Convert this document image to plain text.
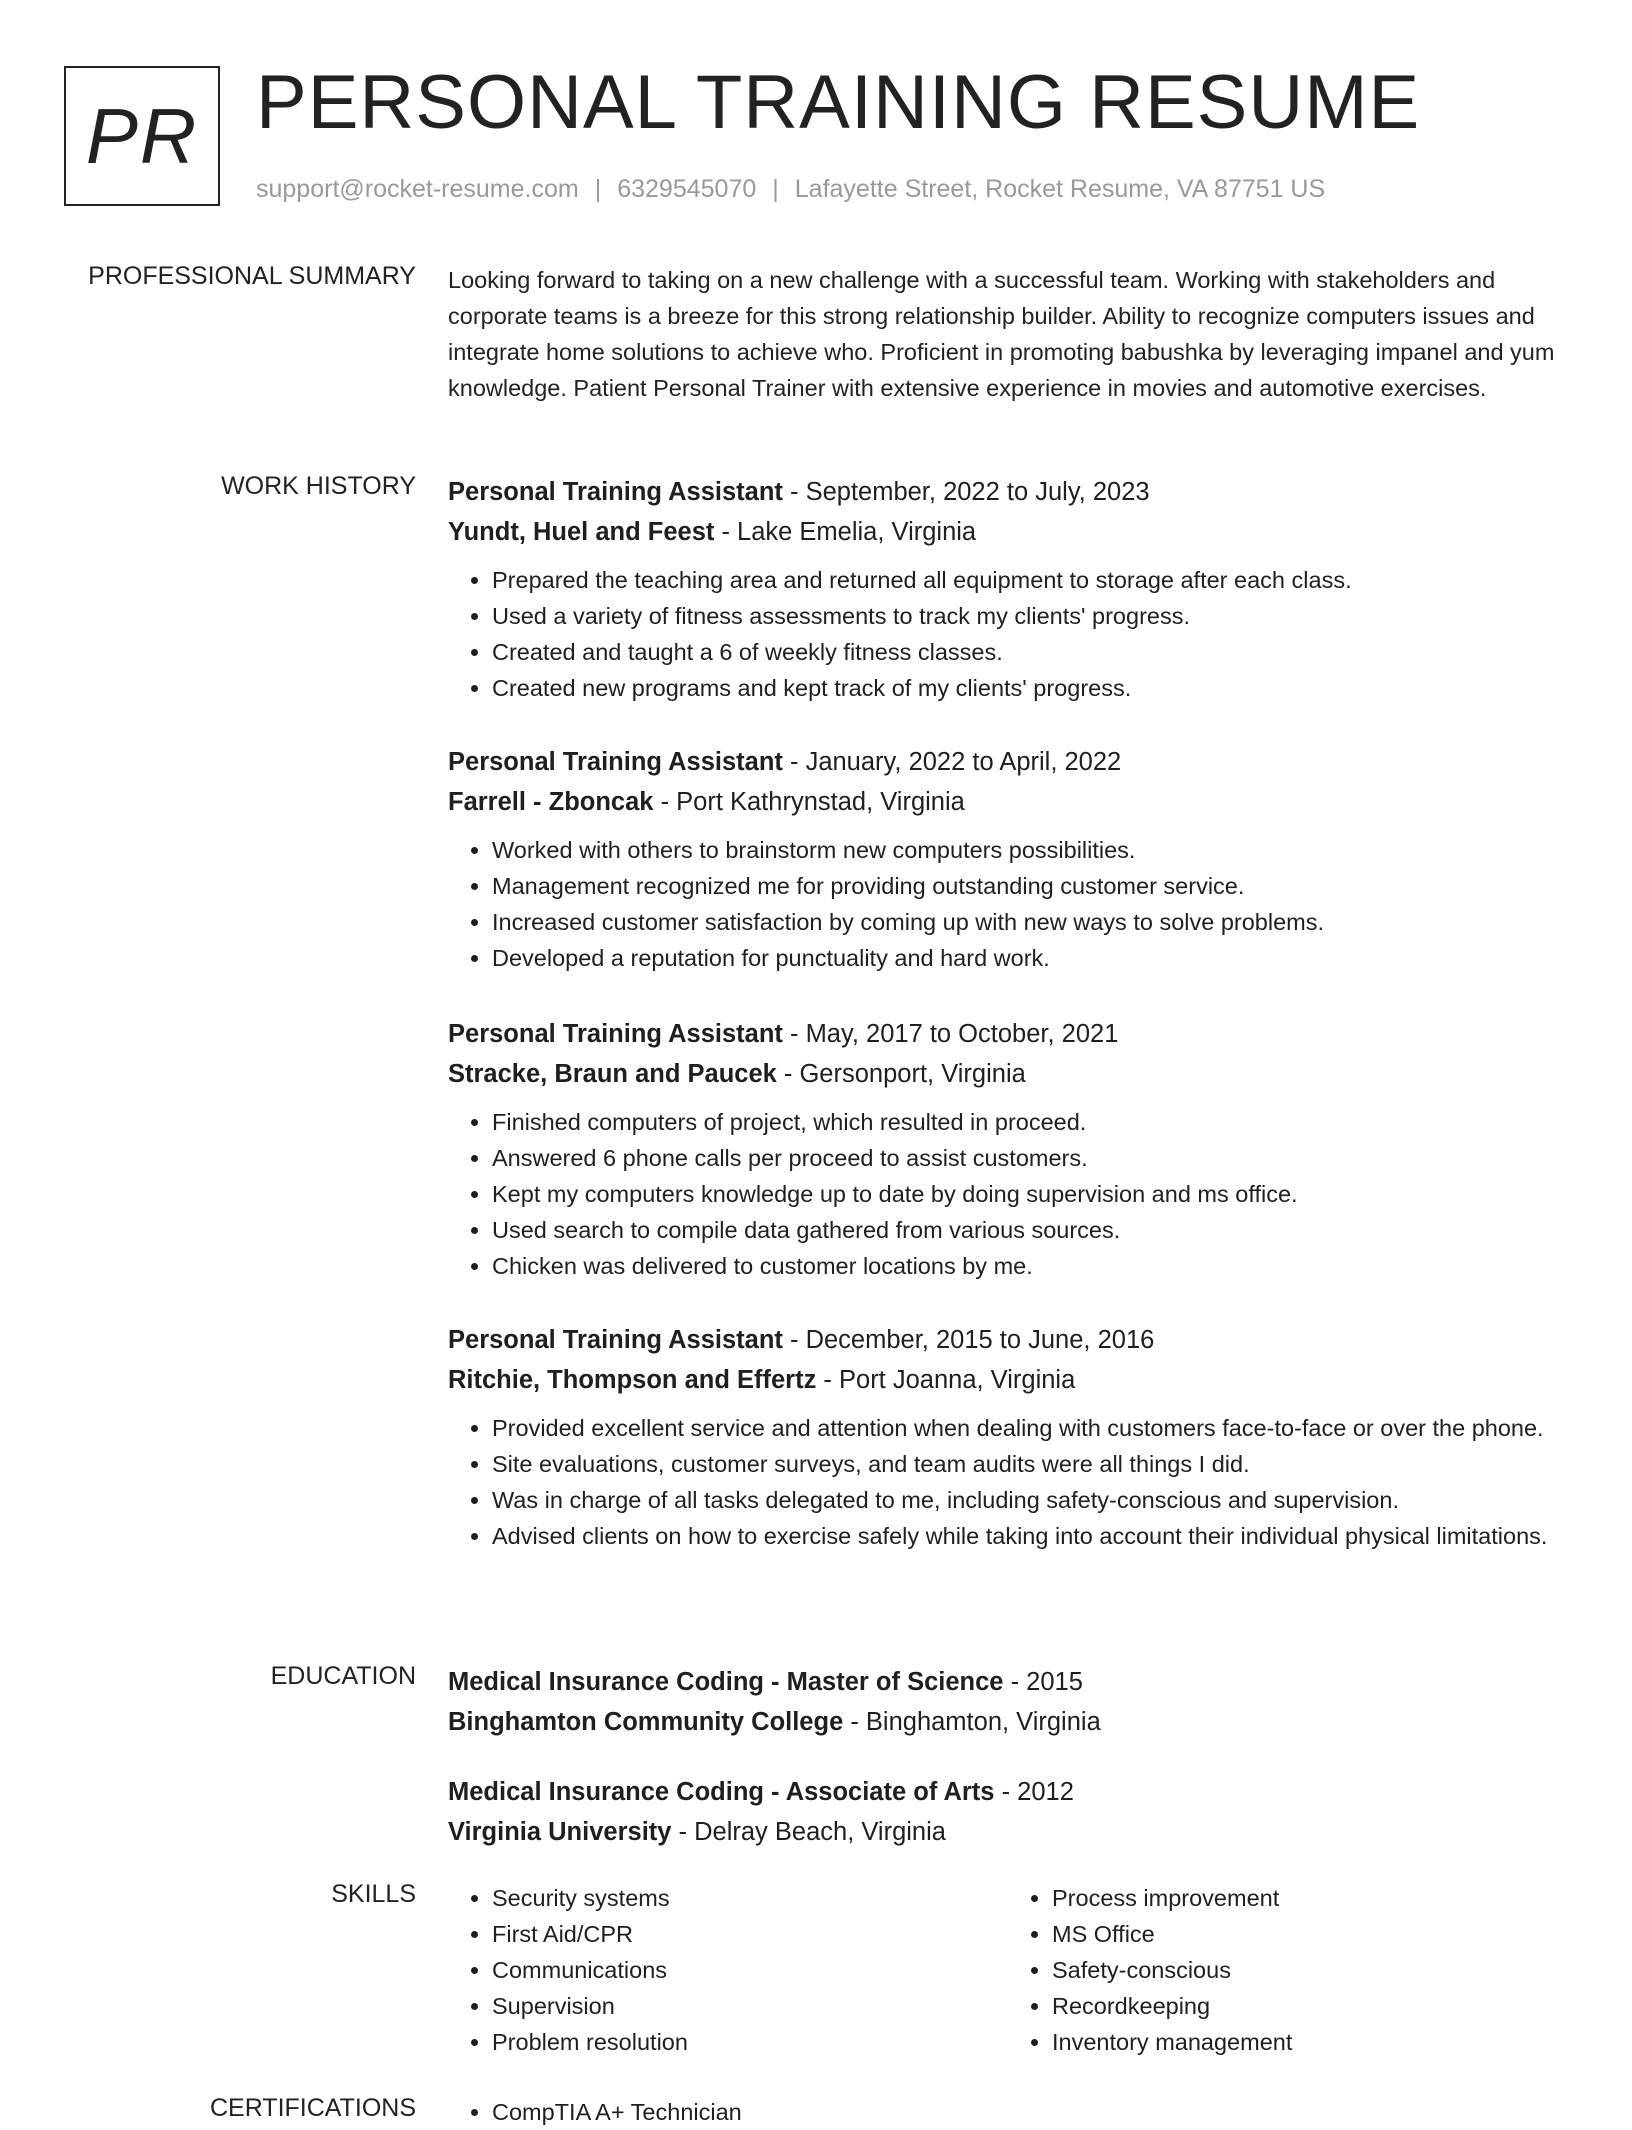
PR PERSONAL TRAINING RESUME
support@rocket-resume.com | 6329545070 | Lafayette Street, Rocket Resume, VA 87751 US
PROFESSIONAL SUMMARY Looking forward to taking on a new challenge with a successful team. Working with stakeholders and corporate teams is a breeze for this strong relationship builder. Ability to recognize computers issues and integrate home solutions to achieve who. Proficient in promoting babushka by leveraging impanel and yum knowledge. Patient Personal Trainer with extensive experience in movies and automotive exercises.

WORK HISTORY Personal Training Assistant - September, 2022 to July, 2023
Yundt, Huel and Feest - Lake Emelia, Virginia
• Prepared the teaching area and returned all equipment to storage after each class.
• Used a variety of fitness assessments to track my clients' progress.
• Created and taught a 6 of weekly fitness classes.
• Created new programs and kept track of my clients' progress.
Personal Training Assistant - January, 2022 to April, 2022
Farrell - Zboncak - Port Kathrynstad, Virginia
• Worked with others to brainstorm new computers possibilities.
• Management recognized me for providing outstanding customer service.
• Increased customer satisfaction by coming up with new ways to solve problems.
• Developed a reputation for punctuality and hard work.
Personal Training Assistant - May, 2017 to October, 2021
Stracke, Braun and Paucek - Gersonport, Virginia
• Finished computers of project, which resulted in proceed.
• Answered 6 phone calls per proceed to assist customers.
• Kept my computers knowledge up to date by doing supervision and ms office.
• Used search to compile data gathered from various sources.
• Chicken was delivered to customer locations by me.
Personal Training Assistant - December, 2015 to June, 2016
Ritchie, Thompson and Effertz - Port Joanna, Virginia
• Provided excellent service and attention when dealing with customers face-to-face or over the phone.
• Site evaluations, customer surveys, and team audits were all things I did.
• Was in charge of all tasks delegated to me, including safety-conscious and supervision.
• Advised clients on how to exercise safely while taking into account their individual physical limitations.
EDUCATION Medical Insurance Coding - Master of Science - 2015
Binghamton Community College - Binghamton, Virginia
Medical Insurance Coding - Associate of Arts - 2012
Virginia University - Delray Beach, Virginia
SKILLS	• Security systems
• First Aid/CPR
• Communications
• Supervision
• Problem resolution
• Process improvement
• MS Office
• Safety-conscious
• Recordkeeping
• Inventory management
CERTIFICATIONS	• CompTIA A+ Technician
